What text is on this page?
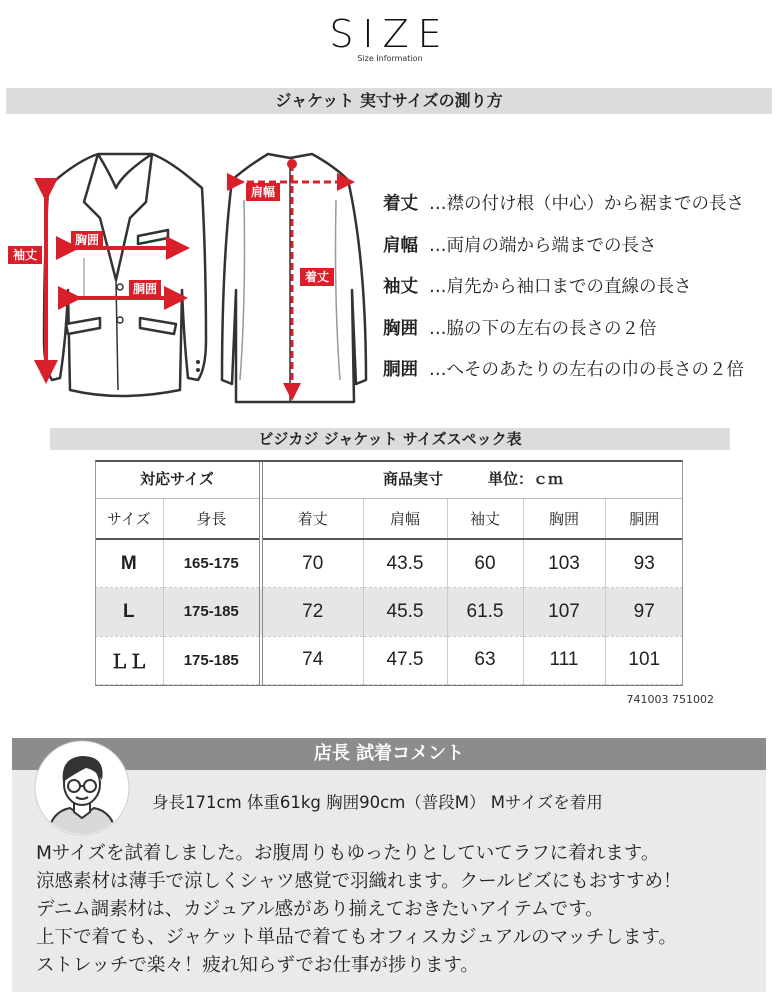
SIZE
Size Information
ジャケット 実寸サイズの測り方
袖丈
胸囲
胴囲
肩幅
着丈
着丈 …襟の付け根（中心）から裾までの長さ
肩幅 …両肩の端から端までの長さ
袖丈 …肩先から袖口までの直線の長さ
胸囲 …脇の下の左右の長さの２倍
胴囲 …へそのあたりの左右の巾の長さの２倍
ビジカジ ジャケット サイズスペック表
対応サイズ		商品実寸　　　単位：ｃｍ				
サイズ	身長	着丈	肩幅	袖丈	胸囲	胴囲
M	165-175	70	43.5	60	103	93
L	175-185	72	45.5	61.5	107	97
ＬＬ	175-185	74	47.5	63	111	101
741003 751002
店長 試着コメント
身長171cm 体重61kg 胸囲90cm（普段M） Mサイズを着用
Mサイズを試着しました。お腹周りもゆったりとしていてラフに着れます。
涼感素材は薄手で涼しくシャツ感覚で羽織れます。クールビズにもおすすめ！
デニム調素材は、カジュアル感があり揃えておきたいアイテムです。
上下で着ても、ジャケット単品で着てもオフィスカジュアルのマッチします。
ストレッチで楽々！疲れ知らずでお仕事が捗ります。
